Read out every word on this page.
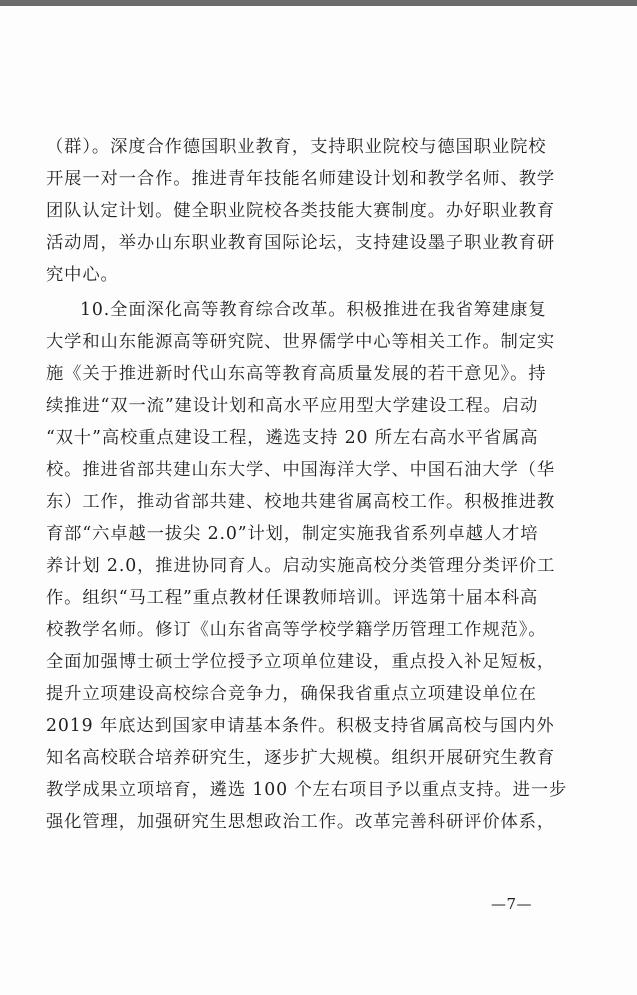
（群）。深度合作德国职业教育，支持职业院校与德国职业院校
开展一对一合作。推进青年技能名师建设计划和教学名师、教学
团队认定计划。健全职业院校各类技能大赛制度。办好职业教育
活动周，举办山东职业教育国际论坛，支持建设墨子职业教育研
究中心。
10.全面深化高等教育综合改革。积极推进在我省筹建康复
大学和山东能源高等研究院、世界儒学中心等相关工作。制定实
施《关于推进新时代山东高等教育高质量发展的若干意见》。持
续推进“双一流”建设计划和高水平应用型大学建设工程。启动
“双十”高校重点建设工程，遴选支持 20 所左右高水平省属高
校。推进省部共建山东大学、中国海洋大学、中国石油大学（华
东）工作，推动省部共建、校地共建省属高校工作。积极推进教
育部“六卓越一拔尖 2.0”计划，制定实施我省系列卓越人才培
养计划 2.0，推进协同育人。启动实施高校分类管理分类评价工
作。组织“马工程”重点教材任课教师培训。评选第十届本科高
校教学名师。修订《山东省高等学校学籍学历管理工作规范》。
全面加强博士硕士学位授予立项单位建设，重点投入补足短板，
提升立项建设高校综合竞争力，确保我省重点立项建设单位在
2019 年底达到国家申请基本条件。积极支持省属高校与国内外
知名高校联合培养研究生，逐步扩大规模。组织开展研究生教育
教学成果立项培育，遴选 100 个左右项目予以重点支持。进一步
强化管理，加强研究生思想政治工作。改革完善科研评价体系，
—7—
